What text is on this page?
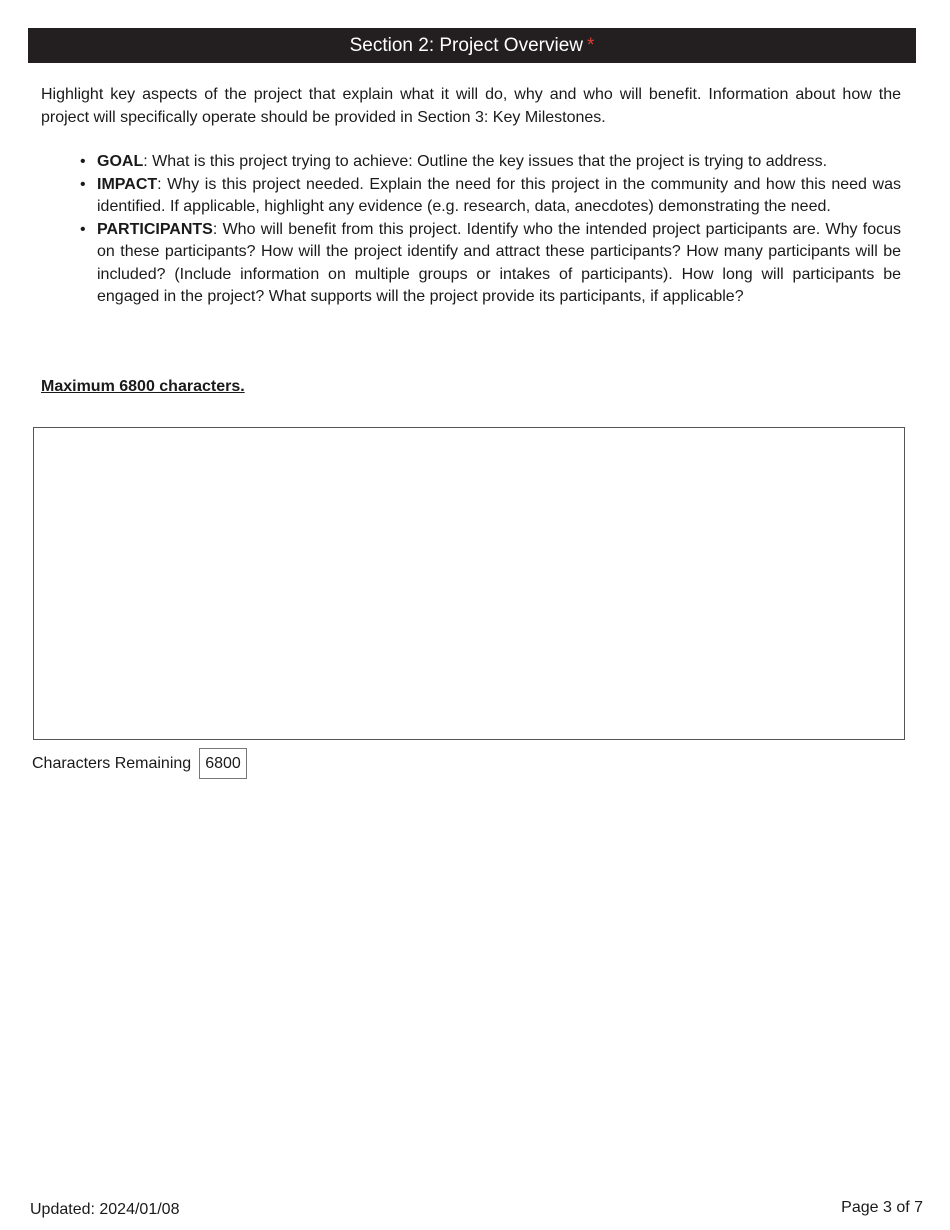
Section 2: Project Overview *

Highlight key aspects of the project that explain what it will do, why and who will benefit. Information about how the project will specifically operate should be provided in Section 3: Key Milestones.

• GOAL: What is this project trying to achieve: Outline the key issues that the project is trying to address.
• IMPACT: Why is this project needed. Explain the need for this project in the community and how this need was identified. If applicable, highlight any evidence (e.g. research, data, anecdotes) demonstrating the need.
• PARTICIPANTS: Who will benefit from this project. Identify who the intended project participants are. Why focus on these participants? How will the project identify and attract these participants? How many participants will be included? (Include information on multiple groups or intakes of participants). How long will participants be engaged in the project? What supports will the project provide its participants, if applicable?
Maximum 6800 characters.
Characters Remaining 6800
Updated: 2024/01/08	Page 3 of 7
